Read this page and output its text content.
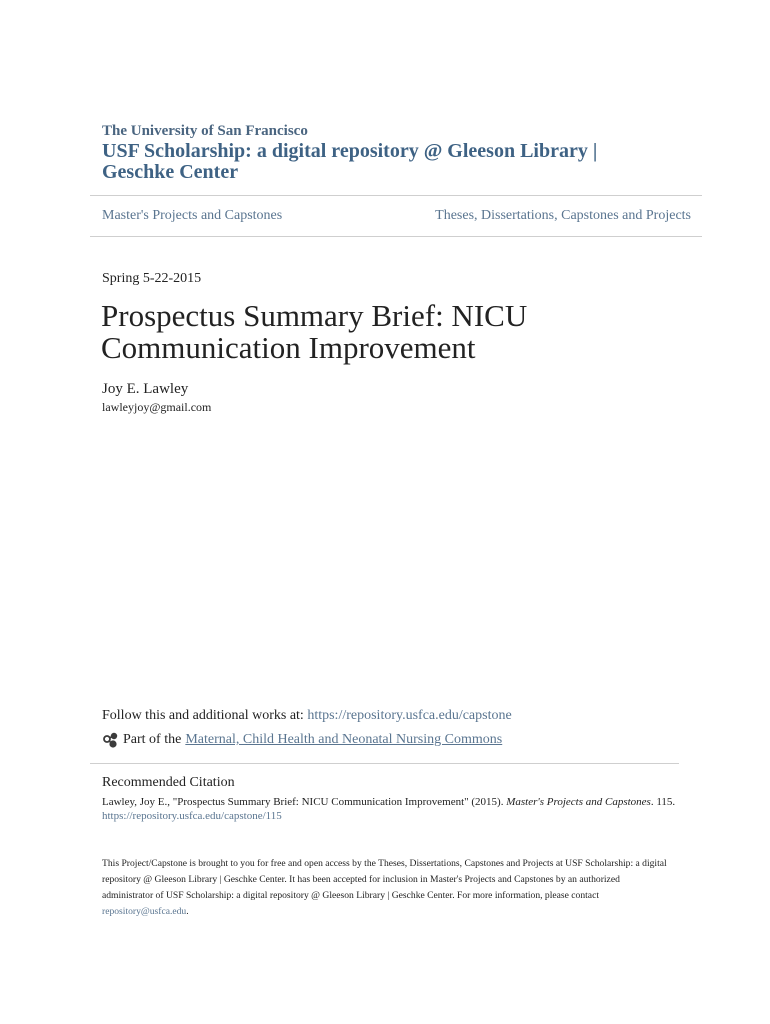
The University of San Francisco
USF Scholarship: a digital repository @ Gleeson Library | Geschke Center
Master's Projects and Capstones	Theses, Dissertations, Capstones and Projects
Spring 5-22-2015
Prospectus Summary Brief: NICU Communication Improvement
Joy E. Lawley
lawleyjoy@gmail.com
Follow this and additional works at: https://repository.usfca.edu/capstone
Part of the Maternal, Child Health and Neonatal Nursing Commons
Recommended Citation
Lawley, Joy E., "Prospectus Summary Brief: NICU Communication Improvement" (2015). Master's Projects and Capstones. 115.
https://repository.usfca.edu/capstone/115
This Project/Capstone is brought to you for free and open access by the Theses, Dissertations, Capstones and Projects at USF Scholarship: a digital repository @ Gleeson Library | Geschke Center. It has been accepted for inclusion in Master's Projects and Capstones by an authorized administrator of USF Scholarship: a digital repository @ Gleeson Library | Geschke Center. For more information, please contact repository@usfca.edu.
